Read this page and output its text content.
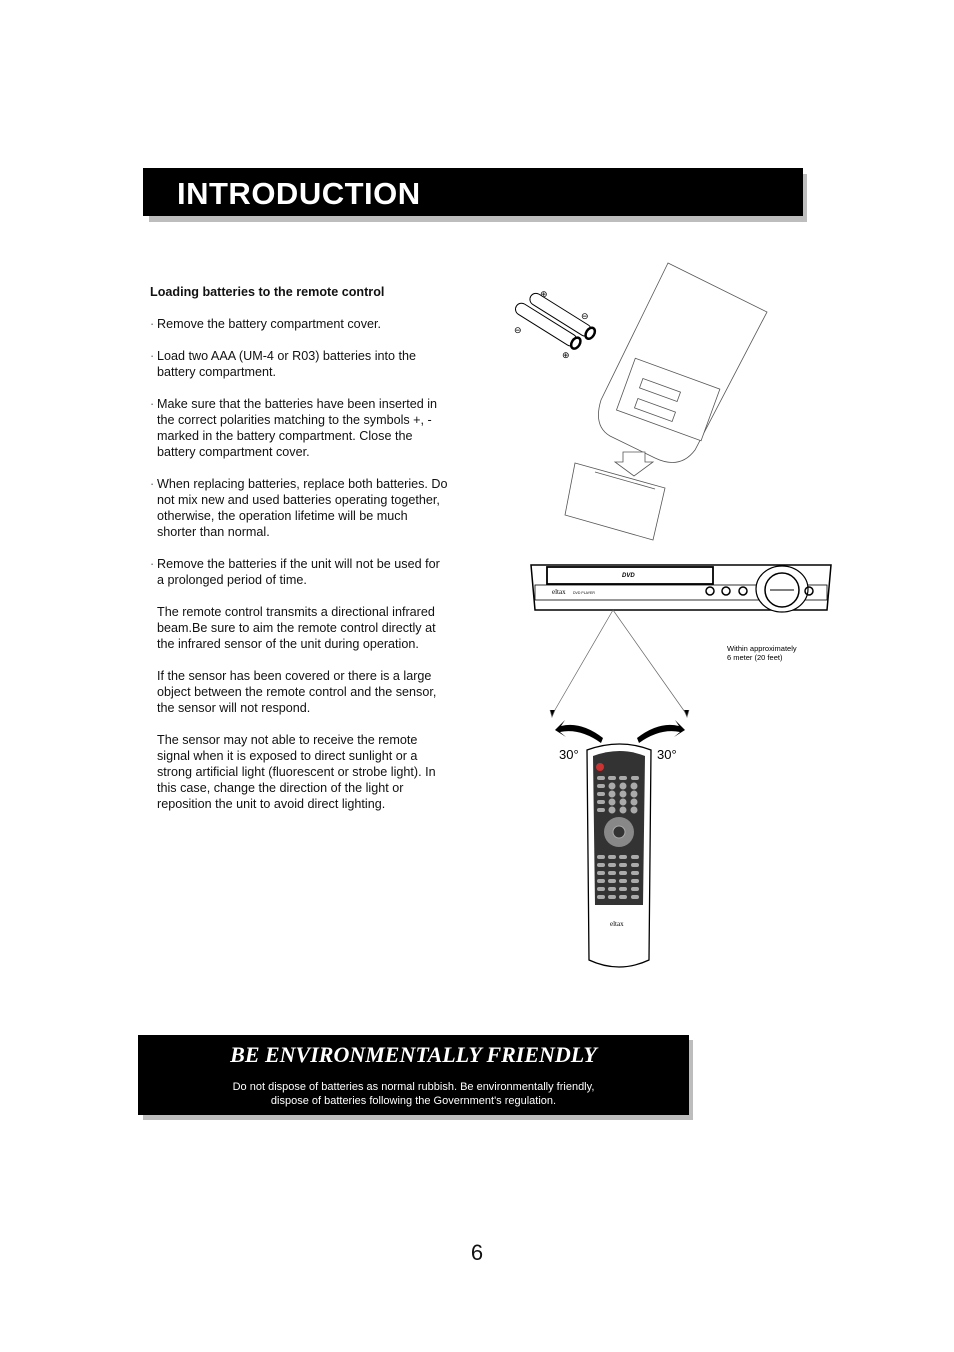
INTRODUCTION
Loading batteries to the remote control
· Remove the battery compartment cover.
· Load two AAA (UM-4 or R03) batteries into the battery compartment.
· Make sure that the batteries have been inserted in the correct polarities matching to the symbols +, - marked in the battery compartment. Close the battery compartment cover.
· When replacing batteries, replace both batteries. Do not mix new and used batteries operating together, otherwise, the operation lifetime will be much shorter than normal.
· Remove the batteries if the unit will not be used for a prolonged period of time.
The remote control transmits a directional infrared beam.Be sure to aim the remote control directly at the infrared sensor of the unit during operation.
If the sensor has been covered or there is a large object between the remote control and the sensor, the sensor will not respond.
The sensor may not able to receive the remote signal when it is exposed to direct sunlight or a strong artificial light (fluorescent or strobe light). In this case, change the direction of the light or reposition the unit to avoid direct lighting.
⊕
⊖
⊖
⊕
DVD
eltax DVD PLAYER
30°	30°
Within approximately
6 meter (20 feet)
eltax
BE ENVIRONMENTALLY FRIENDLY
Do not dispose of batteries as normal rubbish. Be environmentally friendly,
dispose of batteries following the Government's regulation.
6
